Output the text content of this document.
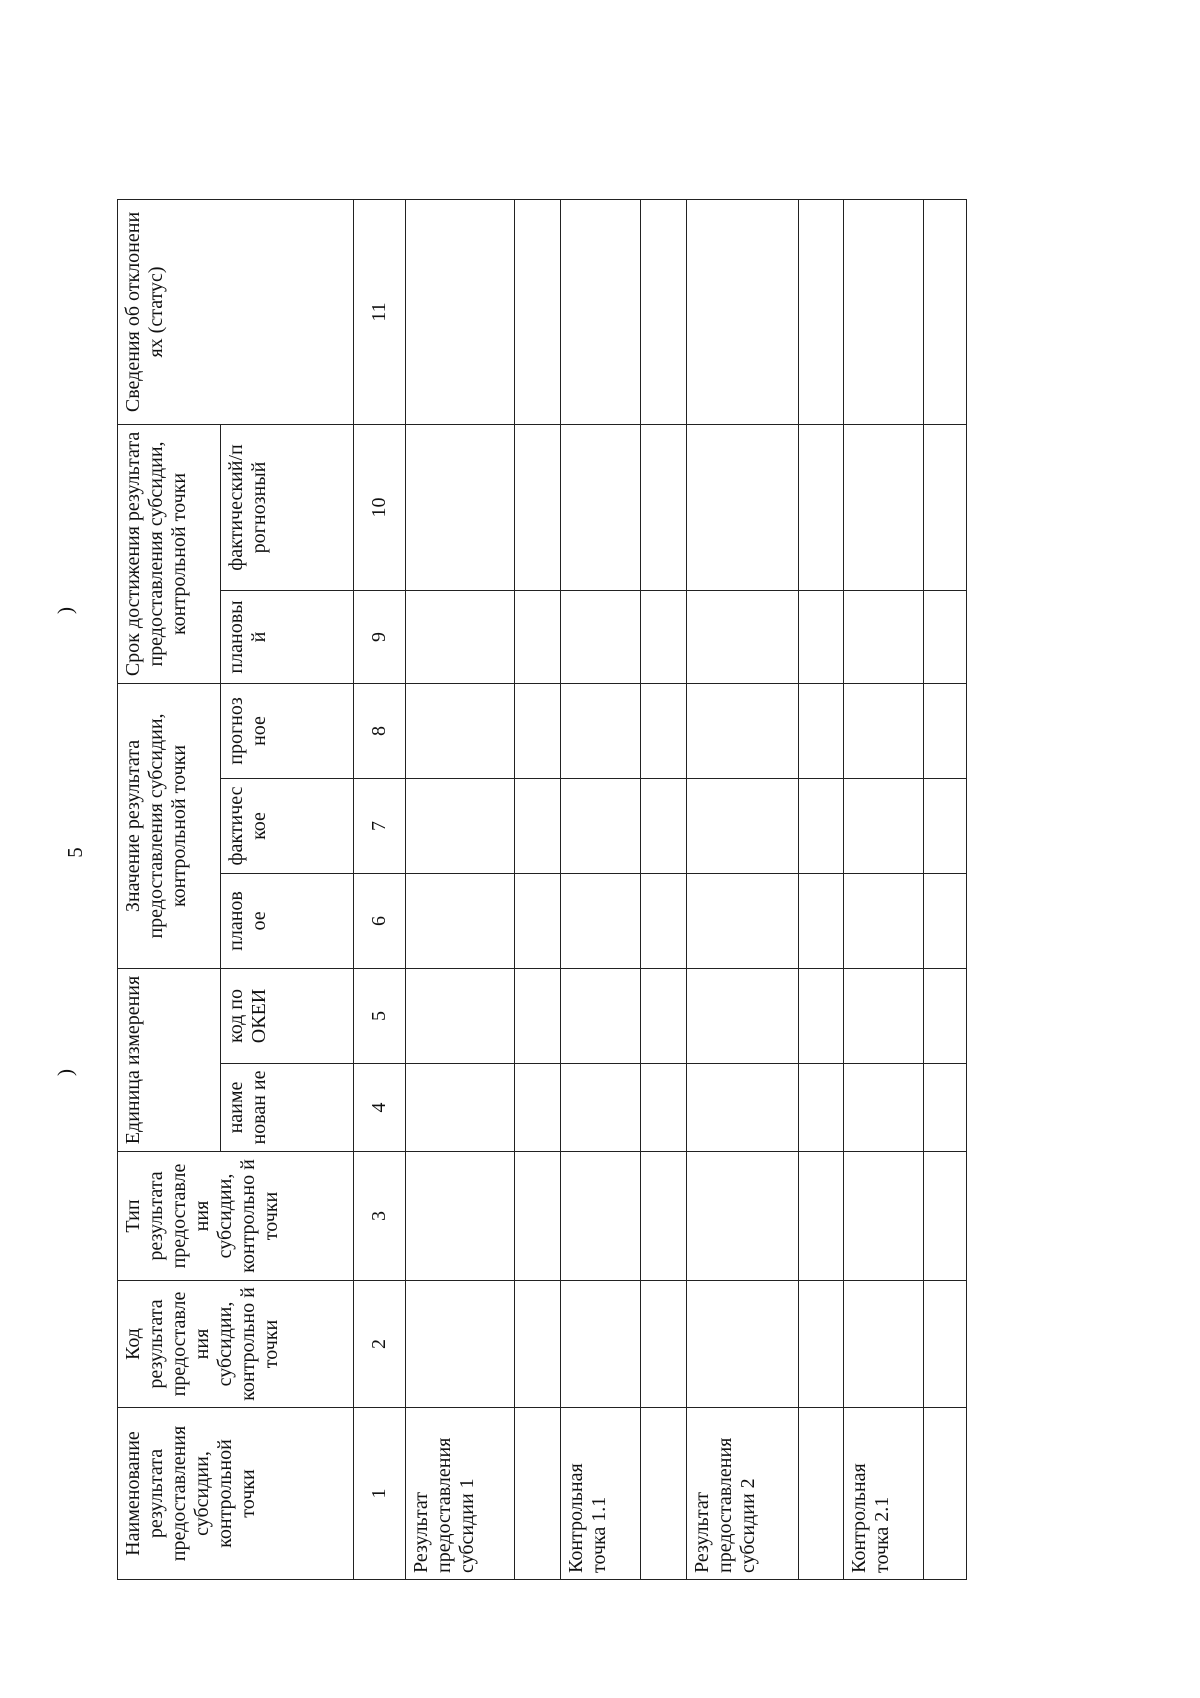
)
5
)
Наименование результата предоставления субсидии, контрольной точки	Код результата предоставле ния субсидии, контрольно й точки	Тип результата предоставле ния субсидии, контрольно й точки	Единица измерения		Значение результата предоставления субсидии, контрольной точки			Срок достижения результата предоставления субсидии, контрольной точки		Сведения об отклонени ях (статус)
			наиме нован ие	код по ОКЕИ	планов ое	фактичес кое	прогноз ное	плановы й	фактический/п рогнозный	
1	2	3	4	5	6	7	8	9	10	11
Результат предоставления субсидии 1										

Контрольная точка 1.1										

Результат предоставления субсидии 2										

Контрольная точка 2.1										
